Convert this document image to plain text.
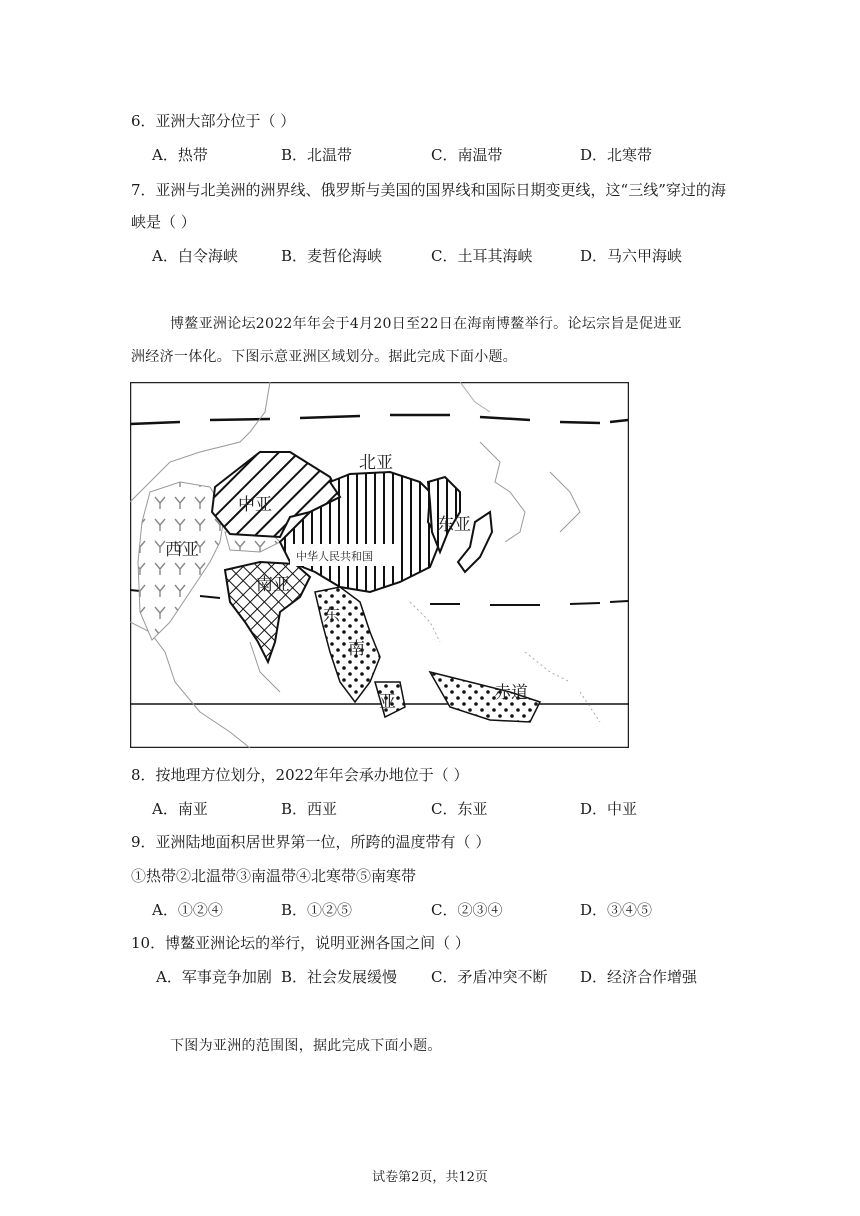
6．亚洲大部分位于（ ）
A．热带	B．北温带	C．南温带	D．北寒带
7．亚洲与北美洲的洲界线、俄罗斯与美国的国界线和国际日期变更线，这“三线”穿过的海
峡是（ ）
A．白令海峡	B．麦哲伦海峡	C．土耳其海峡	D．马六甲海峡
博鳌亚洲论坛2022年年会于4月20日至22日在海南博鳌举行。论坛宗旨是促进亚
洲经济一体化。下图示意亚洲区域划分。据此完成下面小题。
北亚
中亚
西亚
南亚
东亚
中华人民共和国
东
南
亚	赤道
8．按地理方位划分，2022年年会承办地位于（ ）
A．南亚	B．西亚	C．东亚	D．中亚
9．亚洲陆地面积居世界第一位，所跨的温度带有（ ）
①热带②北温带③南温带④北寒带⑤南寒带
A．①②④	B．①②⑤	C．②③④	D．③④⑤
10．博鳌亚洲论坛的举行，说明亚洲各国之间（ ）
A．军事竞争加剧 B．社会发展缓慢 C．矛盾冲突不断 D．经济合作增强
下图为亚洲的范围图，据此完成下面小题。
试卷第2页，共12页
